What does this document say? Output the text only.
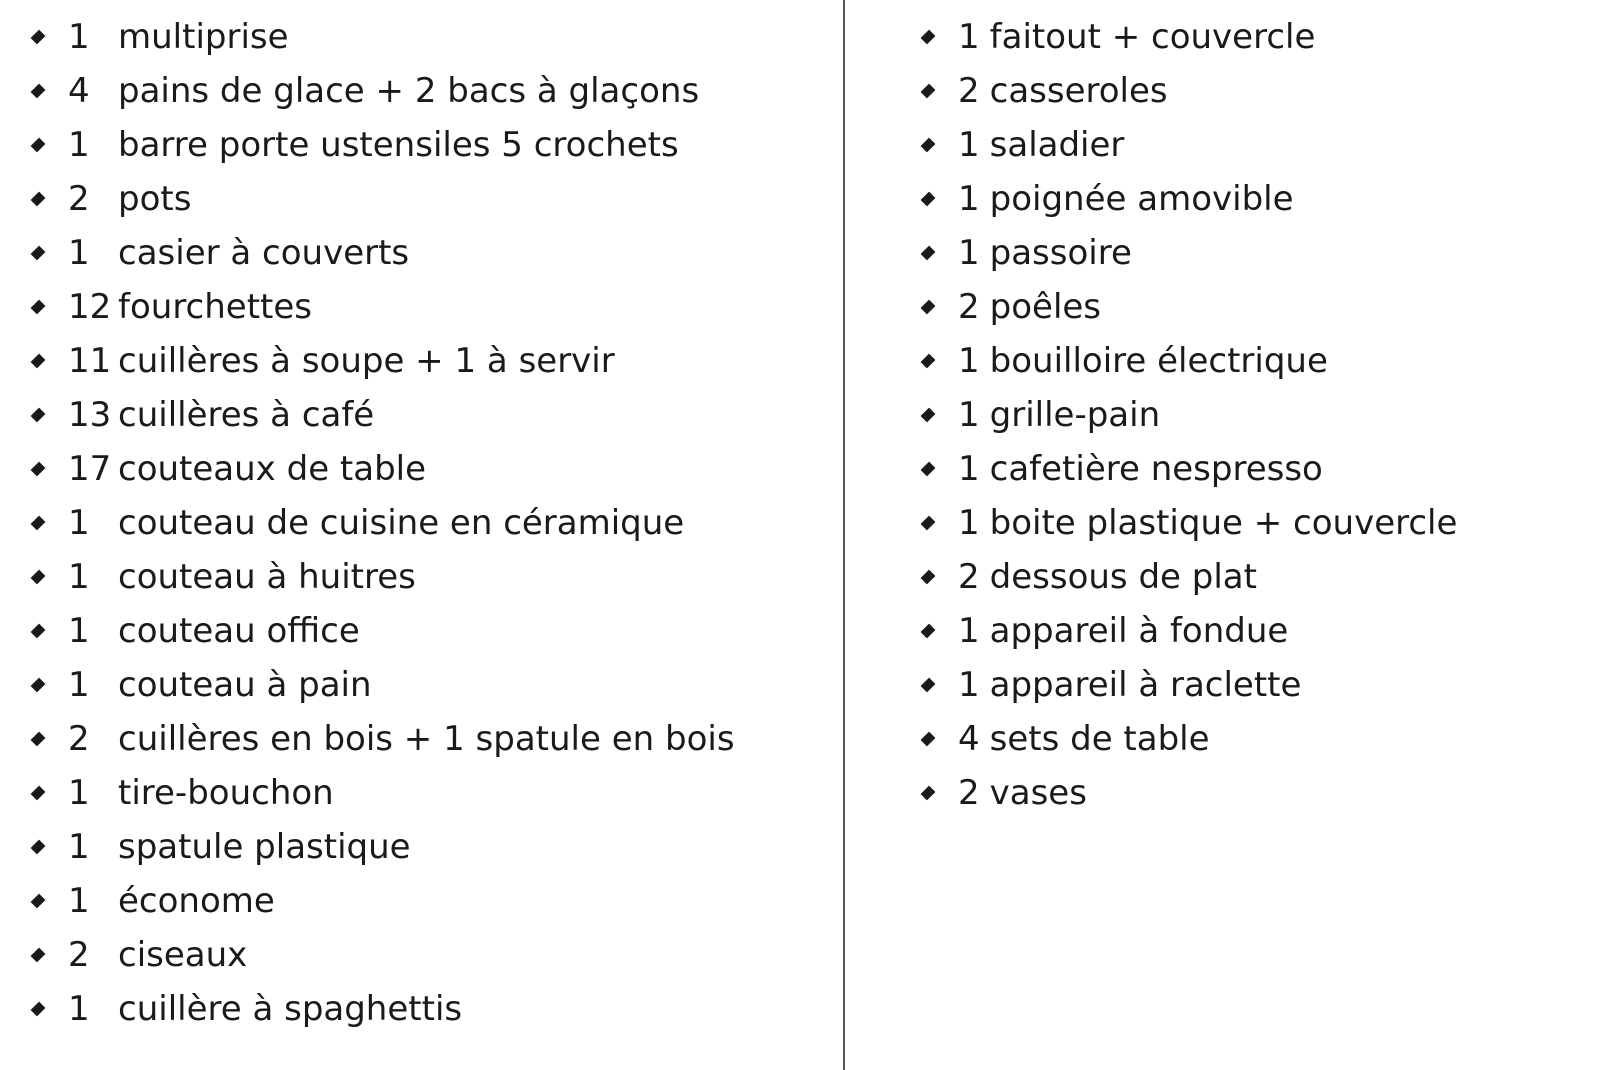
1 multiprise
4 pains de glace + 2 bacs à glaçons
1 barre porte ustensiles 5 crochets
2 pots
1 casier à couverts
12 fourchettes
11 cuillères à soupe + 1 à servir
13 cuillères à café
17 couteaux de table
1 couteau de cuisine en céramique
1 couteau à huitres
1 couteau office
1 couteau à pain
2 cuillères en bois + 1 spatule en bois
1 tire-bouchon
1 spatule plastique
1 économe
2 ciseaux
1 cuillère à spaghettis
1 faitout + couvercle
2 casseroles
1 saladier
1 poignée amovible
1 passoire
2 poêles
1 bouilloire électrique
1 grille-pain
1 cafetière nespresso
1 boite plastique + couvercle
2 dessous de plat
1 appareil à fondue
1 appareil à raclette
4 sets de table
2 vases
